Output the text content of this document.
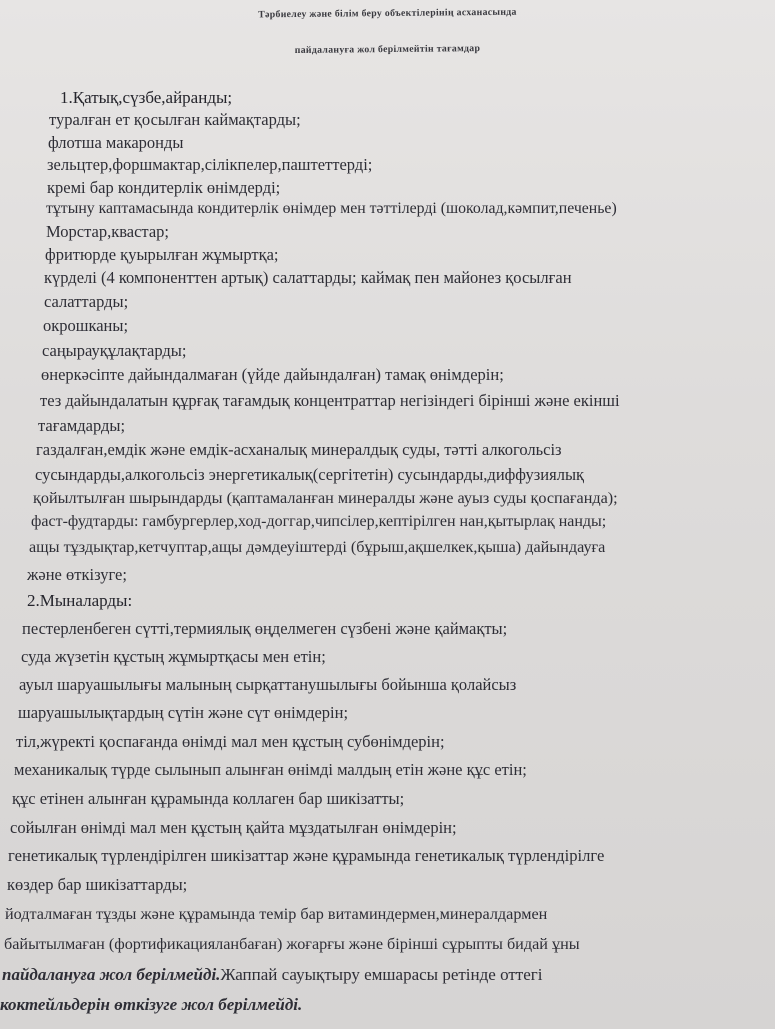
Тәрбиелеу және білім беру объектілерінің асханасында
пайдалануға жол берілмейтін тағамдар
1.Қатық,сүзбе,айранды;
туралған ет қосылған каймақтарды;
флотша макаронды
зельцтер,форшмактар,сілікпелер,паштеттерді;
кремі бар кондитерлік өнімдерді;
тұтыну каптамасында кондитерлік өнімдер мен тәттілерді (шоколад,кәмпит,печенье)
Морстар,квастар;
фритюрде қуырылған жұмыртқа;
күрделі (4 компоненттен артық) салаттарды; каймақ пен майонез қосылған
салаттарды;
окрошканы;
саңырауқұлақтарды;
өнеркәсіпте дайындалмаған (үйде дайындалған) тамақ өнімдерін;
тез дайындалатын құрғақ тағамдық концентраттар негізіндегі бірінші және екінші
тағамдарды;
газдалған,емдік және емдік-асханалық минералдық суды, тәтті алкогольсіз
сусындарды,алкогольсіз энергетикалық(сергітетін) сусындарды,диффузиялық
қойылтылған шырындарды (қаптамаланған минералды және ауыз суды қоспағанда);
фаст-фудтарды: гамбургерлер,ход-доггар,чипсілер,кептірілген нан,қытырлақ нанды;
ащы тұздықтар,кетчуптар,ащы дәмдеуіштерді (бұрыш,ақшелкек,қыша) дайындауға
және өткізуге;
2.Мыналарды:
пестерленбеген сүтті,термиялық өңделмеген сүзбені және қаймақты;
суда жүзетін құстың жұмыртқасы мен етін;
ауыл шаруашылығы малының сырқаттанушылығы бойынша қолайсыз
шаруашылықтардың сүтін және сүт өнімдерін;
тіл,жүректі қоспағанда өнімді мал мен құстың субөнімдерін;
механикалық түрде сылынып алынған өнімді малдың етін және құс етін;
құс етінен алынған құрамында коллаген бар шикізатты;
сойылған өнімді мал мен құстың қайта мұздатылған өнімдерін;
генетикалық түрлендірілген шикізаттар және құрамында генетикалық түрлендірілге
көздер бар шикізаттарды;
йодталмаған тұзды және құрамында темір бар витаминдермен,минералдармен
байытылмаған (фортификацияланбаған) жоғарғы және бірінші сұрыпты бидай ұны
пайдалануға жол берілмейді.Жаппай сауықтыру емшарасы ретінде оттегі
коктейльдерін өткізуге жол берілмейді.
